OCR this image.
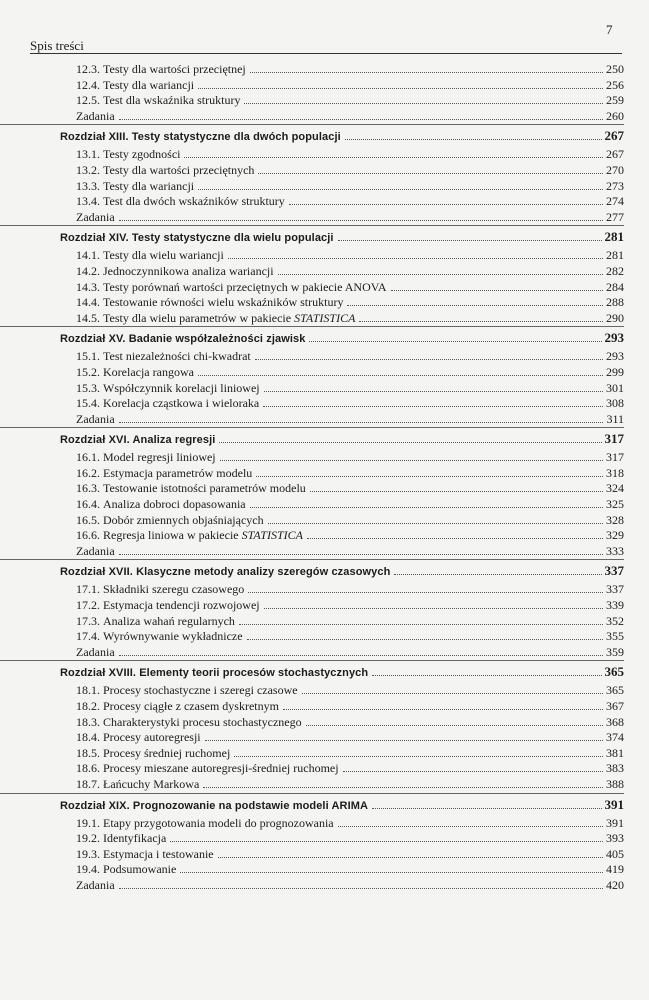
Spis treści
7
12.3.
Testy dla wartości przeciętnej	250
12.4.
Testy dla wariancji	256
12.5.
Test dla wskaźnika struktury	259
Zadania	260
Rozdział XIII. Testy statystyczne dla dwóch populacji	267
13.1.
Testy zgodności	267
13.2.
Testy dla wartości przeciętnych	270
13.3.
Testy dla wariancji	273
13.4.
Test dla dwóch wskaźników struktury	274
Zadania	277
Rozdział XIV. Testy statystyczne dla wielu populacji	281
14.1.
Testy dla wielu wariancji	281
14.2.
Jednoczynnikowa analiza wariancji	282
14.3.
Testy porównań wartości przeciętnych w pakiecie ANOVA	284
14.4.
Testowanie równości wielu wskaźników struktury	288
14.5.
Testy dla wielu parametrów w pakiecie
STATISTICA	290
Rozdział XV. Badanie współzależności zjawisk	293
15.1.
Test niezależności chi-kwadrat	293
15.2.
Korelacja rangowa	299
15.3.
Współczynnik korelacji liniowej	301
15.4.
Korelacja cząstkowa i wieloraka	308
Zadania	311
Rozdział XVI. Analiza regresji	317
16.1.
Model regresji liniowej	317
16.2.
Estymacja parametrów modelu	318
16.3.
Testowanie istotności parametrów modelu	324
16.4.
Analiza dobroci dopasowania	325
16.5.
Dobór zmiennych objaśniających	328
16.6.
Regresja liniowa w pakiecie
STATISTICA	329
Zadania	333
Rozdział XVII. Klasyczne metody analizy szeregów czasowych	337
17.1.
Składniki szeregu czasowego	337
17.2.
Estymacja tendencji rozwojowej	339
17.3.
Analiza wahań regularnych	352
17.4.
Wyrównywanie wykładnicze	355
Zadania	359
Rozdział XVIII. Elementy teorii procesów stochastycznych	365
18.1.
Procesy stochastyczne i szeregi czasowe	365
18.2.
Procesy ciągłe z czasem dyskretnym	367
18.3.
Charakterystyki procesu stochastycznego	368
18.4.
Procesy autoregresji	374
18.5.
Procesy średniej ruchomej	381
18.6.
Procesy mieszane autoregresji-średniej ruchomej	383
18.7.
Łańcuchy Markowa	388
Rozdział XIX. Prognozowanie na podstawie modeli ARIMA	391
19.1.
Etapy przygotowania modeli do prognozowania	391
19.2.
Identyfikacja	393
19.3.
Estymacja i testowanie	405
19.4.
Podsumowanie	419
Zadania	420
